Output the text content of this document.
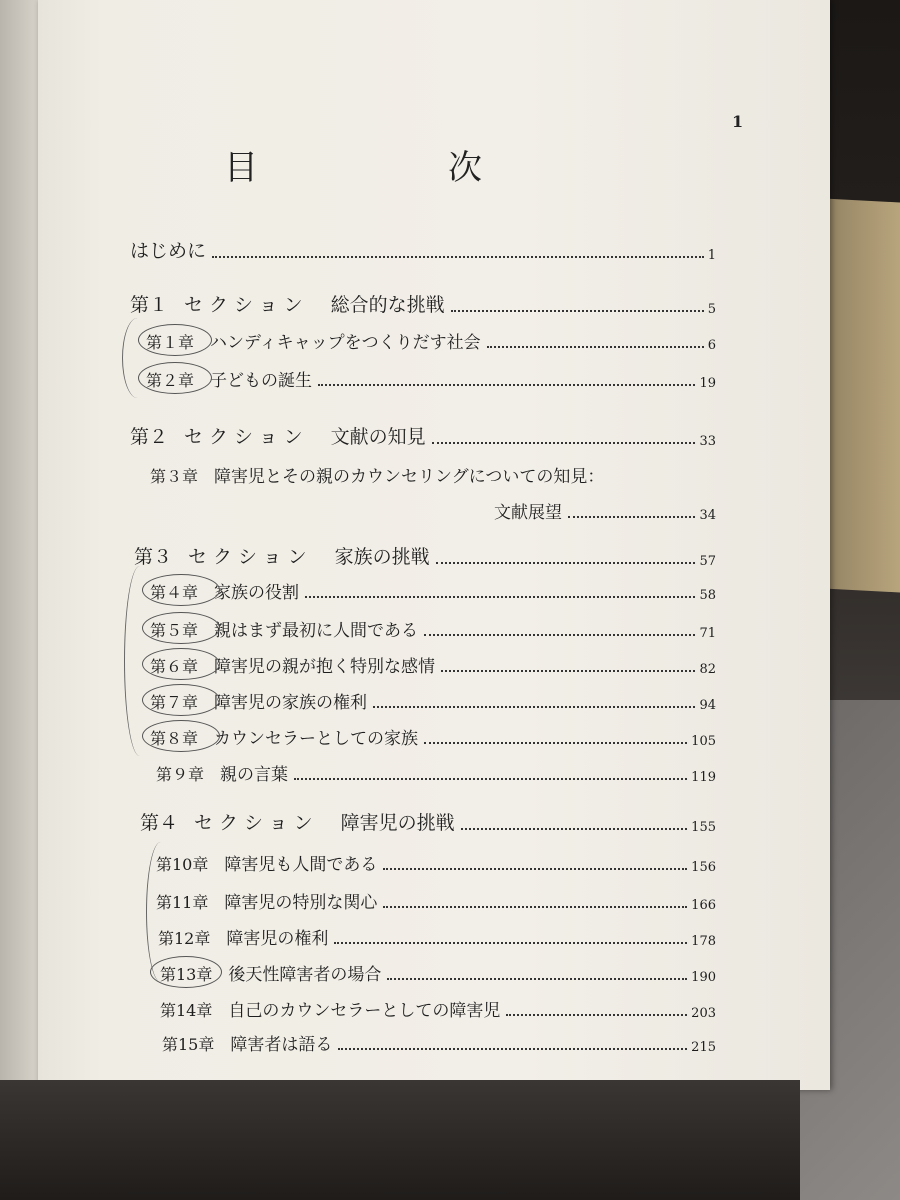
1
目　次
はじめに	1
第１ セクション 総合的な挑戦	5
第１章 ハンディキャップをつくりだす社会	6
第２章 子どもの誕生	19
第２ セクション 文献の知見	33
第３章 障害児とその親のカウンセリングについての知見：
文献展望	34
第３ セクション 家族の挑戦	57
第４章 家族の役割	58
第５章 親はまず最初に人間である	71
第６章 障害児の親が抱く特別な感情	82
第７章 障害児の家族の権利	94
第８章 カウンセラーとしての家族	105
第９章 親の言葉	119
第４ セクション 障害児の挑戦	155
第10章 障害児も人間である	156
第11章 障害児の特別な関心	166
第12章 障害児の権利	178
第13章 後天性障害者の場合	190
第14章 自己のカウンセラーとしての障害児	203
第15章 障害者は語る	215
